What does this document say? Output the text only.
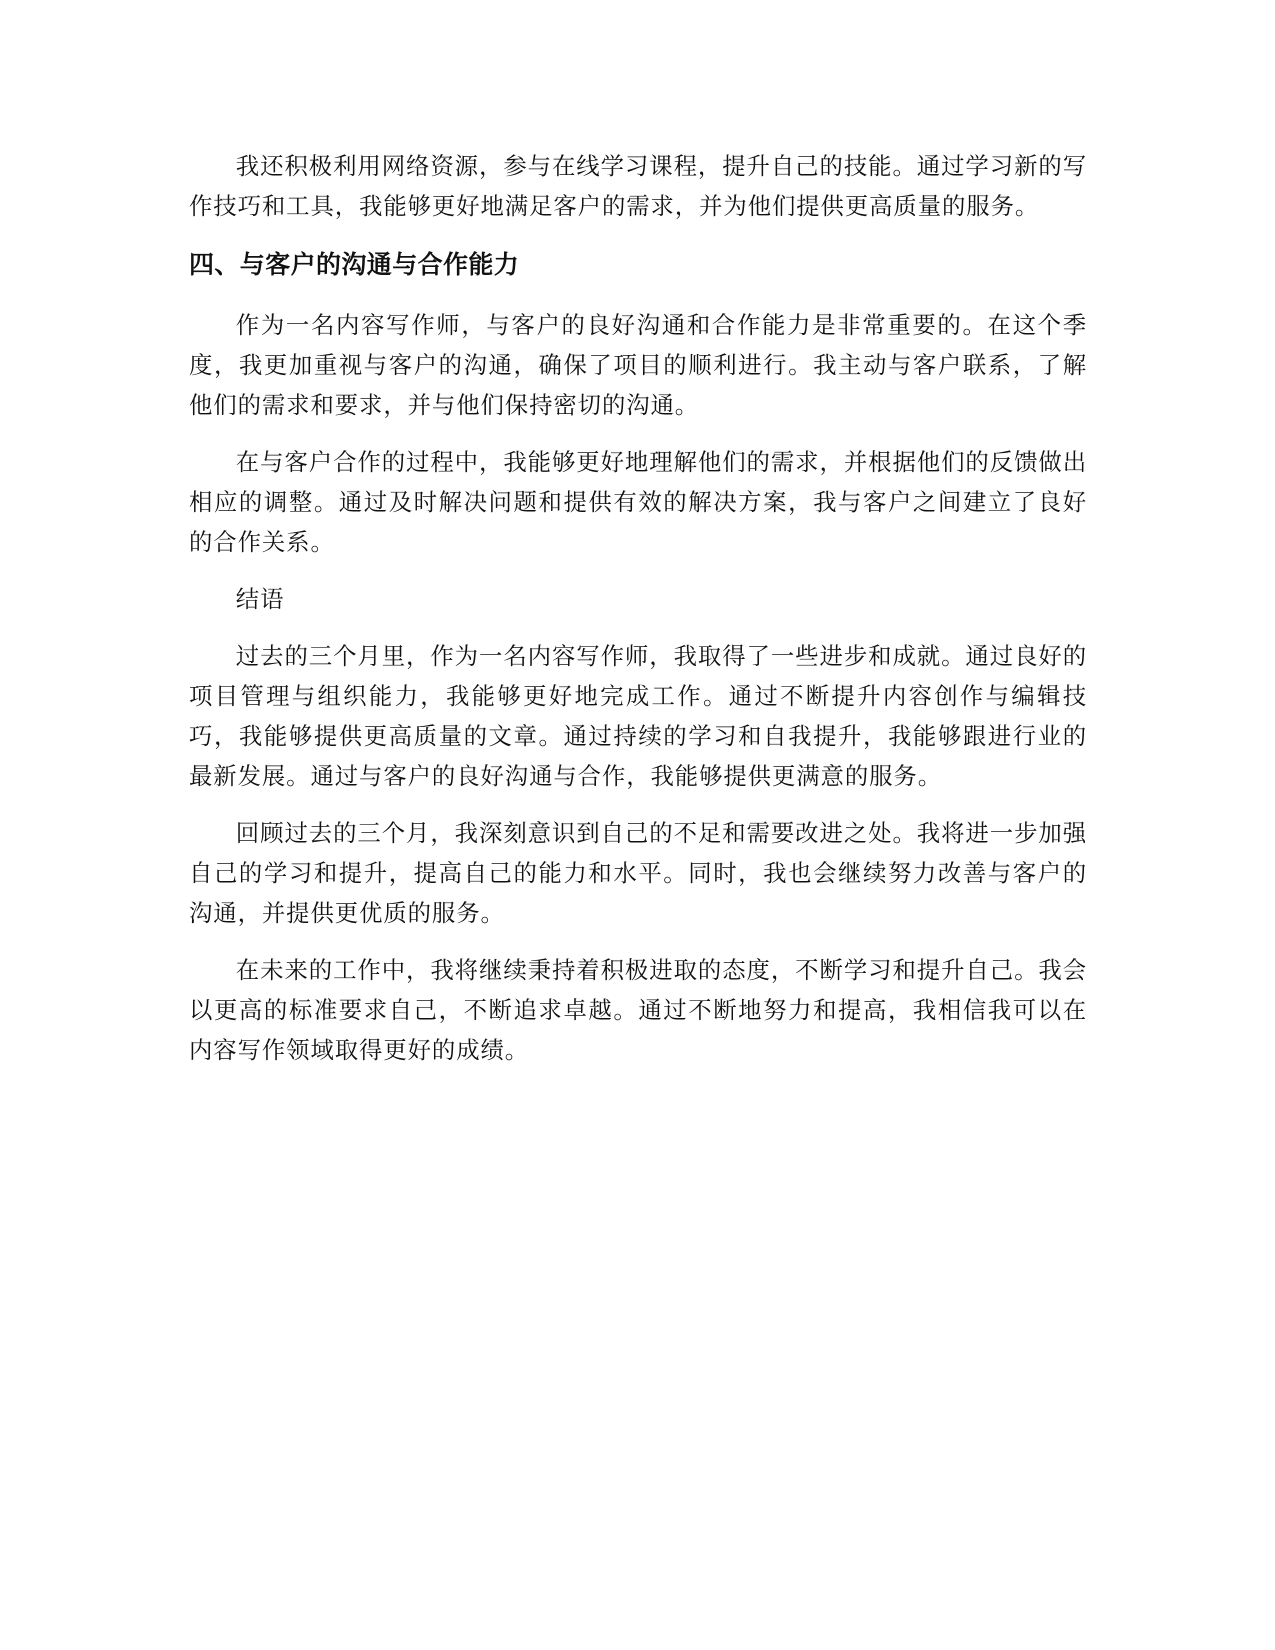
我还积极利用网络资源，参与在线学习课程，提升自己的技能。通过学习新的写作技巧和工具，我能够更好地满足客户的需求，并为他们提供更高质量的服务。

四、与客户的沟通与合作能力

作为一名内容写作师，与客户的良好沟通和合作能力是非常重要的。在这个季度，我更加重视与客户的沟通，确保了项目的顺利进行。我主动与客户联系，了解他们的需求和要求，并与他们保持密切的沟通。

在与客户合作的过程中，我能够更好地理解他们的需求，并根据他们的反馈做出相应的调整。通过及时解决问题和提供有效的解决方案，我与客户之间建立了良好的合作关系。

结语

过去的三个月里，作为一名内容写作师，我取得了一些进步和成就。通过良好的项目管理与组织能力，我能够更好地完成工作。通过不断提升内容创作与编辑技巧，我能够提供更高质量的文章。通过持续的学习和自我提升，我能够跟进行业的最新发展。通过与客户的良好沟通与合作，我能够提供更满意的服务。

回顾过去的三个月，我深刻意识到自己的不足和需要改进之处。我将进一步加强自己的学习和提升，提高自己的能力和水平。同时，我也会继续努力改善与客户的沟通，并提供更优质的服务。

在未来的工作中，我将继续秉持着积极进取的态度，不断学习和提升自己。我会以更高的标准要求自己，不断追求卓越。通过不断地努力和提高，我相信我可以在内容写作领域取得更好的成绩。
